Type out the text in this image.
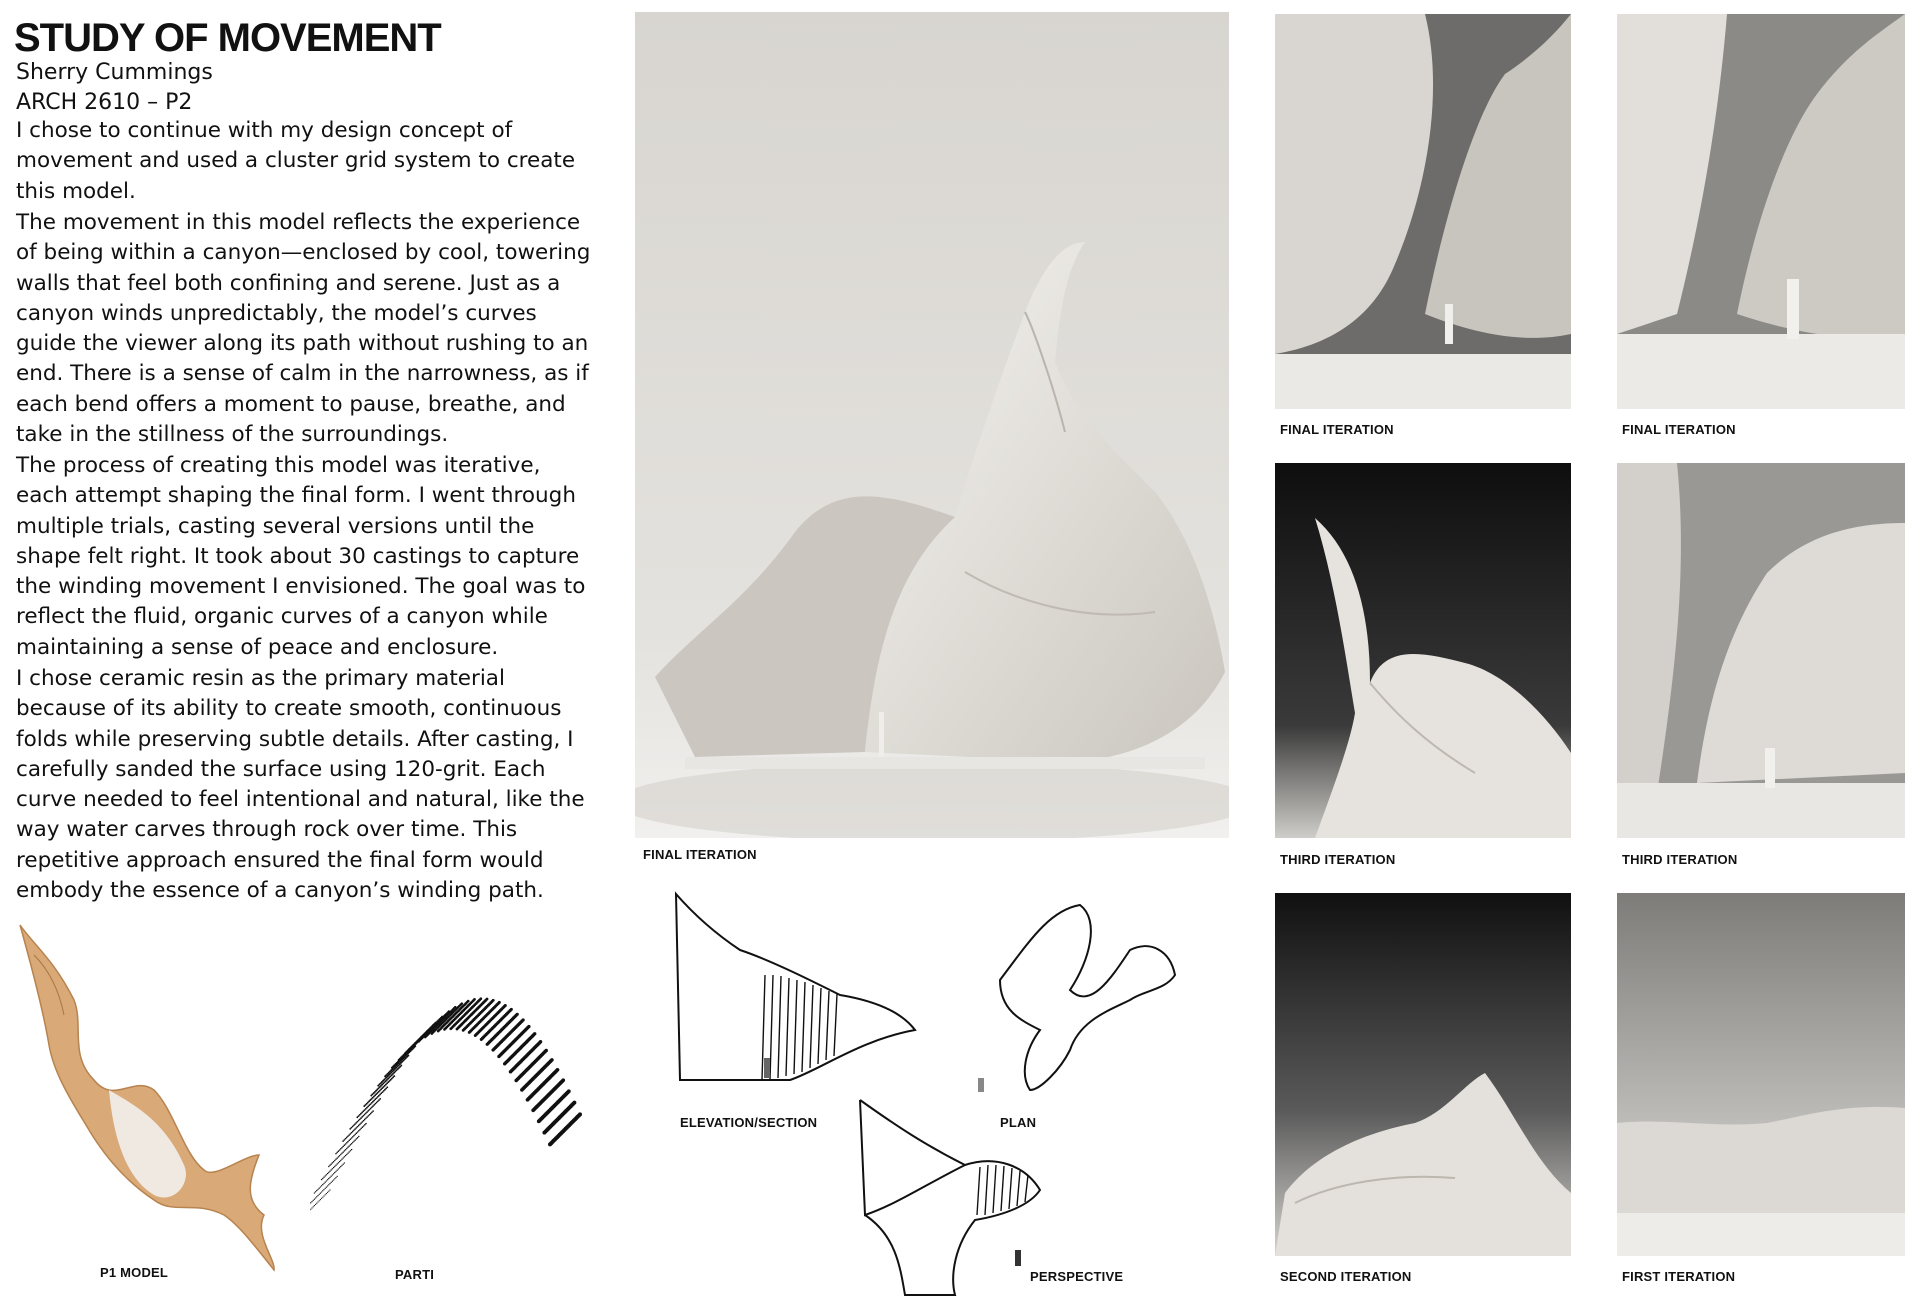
STUDY OF MOVEMENT
Sherry Cummings
ARCH 2610 – P2

I chose to continue with my design concept of movement and used a cluster grid system to create this model.

The movement in this model reflects the experience of being within a canyon—enclosed by cool, towering walls that feel both confining and serene. Just as a canyon winds unpredictably, the model’s curves guide the viewer along its path without rushing to an end. There is a sense of calm in the narrowness, as if each bend offers a moment to pause, breathe, and take in the stillness of the surroundings.

The process of creating this model was iterative, each attempt shaping the final form. I went through multiple trials, casting several versions until the shape felt right. It took about 30 castings to capture the winding movement I envisioned. The goal was to reflect the fluid, organic curves of a canyon while maintaining a sense of peace and enclosure.

I chose ceramic resin as the primary material because of its ability to create smooth, continuous folds while preserving subtle details. After casting, I carefully sanded the surface using 120-grit. Each curve needed to feel intentional and natural, like the way water carves through rock over time. This repetitive approach ensured the final form would embody the essence of a canyon’s winding path.

P1 MODEL	PARTI
FINAL ITERATION
ELEVATION/SECTION	PLAN
PERSPECTIVE
FINAL ITERATION	FINAL ITERATION
THIRD ITERATION	THIRD ITERATION
SECOND ITERATION	FIRST ITERATION
